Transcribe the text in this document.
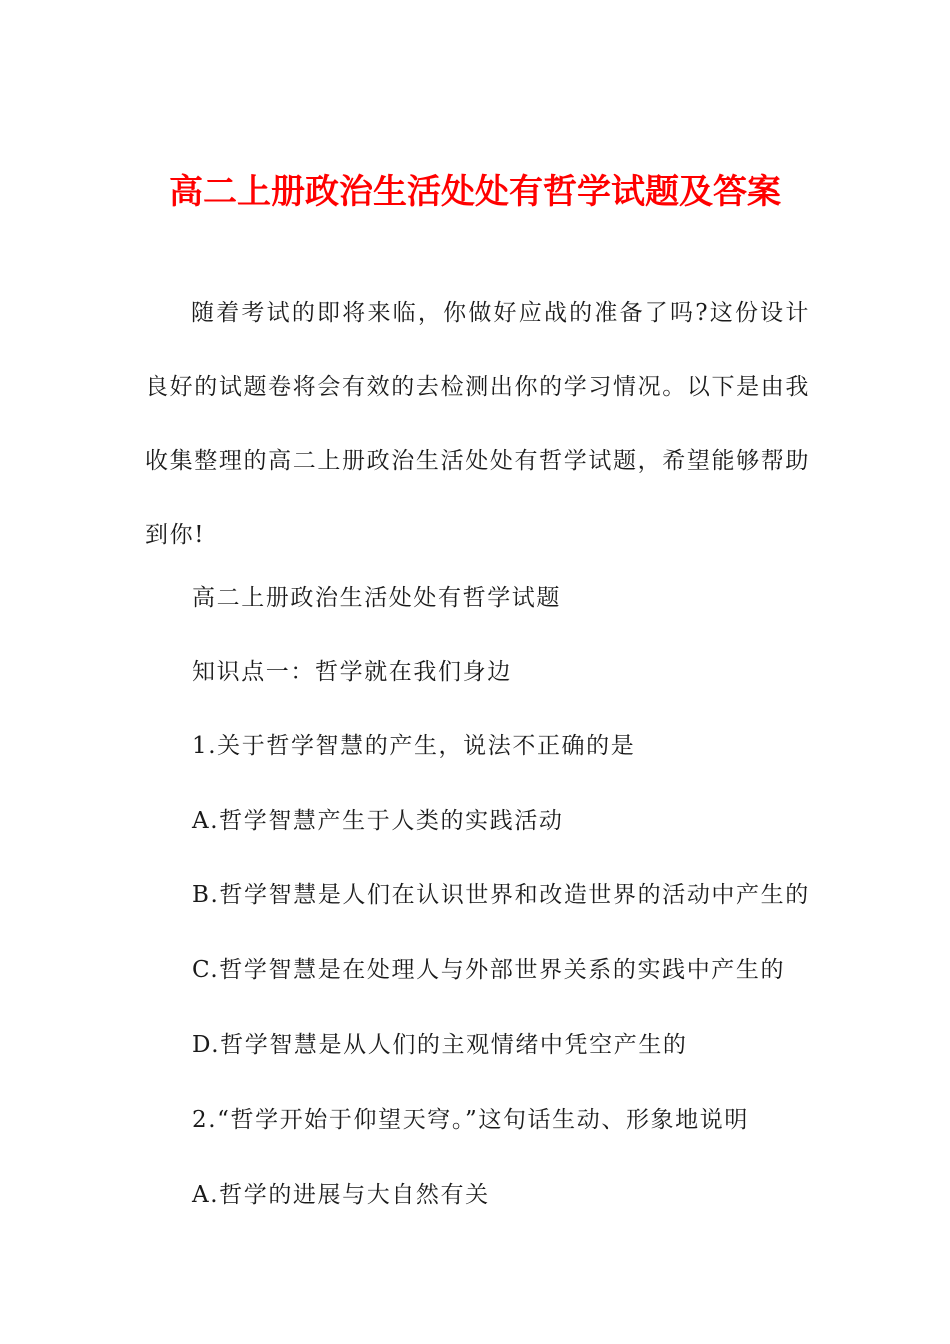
高二上册政治生活处处有哲学试题及答案

随着考试的即将来临，你做好应战的准备了吗?这份设计良好的试题卷将会有效的去检测出你的学习情况。以下是由我收集整理的高二上册政治生活处处有哲学试题，希望能够帮助到你!

高二上册政治生活处处有哲学试题

知识点一：哲学就在我们身边

1.关于哲学智慧的产生，说法不正确的是

A.哲学智慧产生于人类的实践活动

B.哲学智慧是人们在认识世界和改造世界的活动中产生的

C.哲学智慧是在处理人与外部世界关系的实践中产生的

D.哲学智慧是从人们的主观情绪中凭空产生的

2.“哲学开始于仰望天穹。”这句话生动、形象地说明

A.哲学的进展与大自然有关
